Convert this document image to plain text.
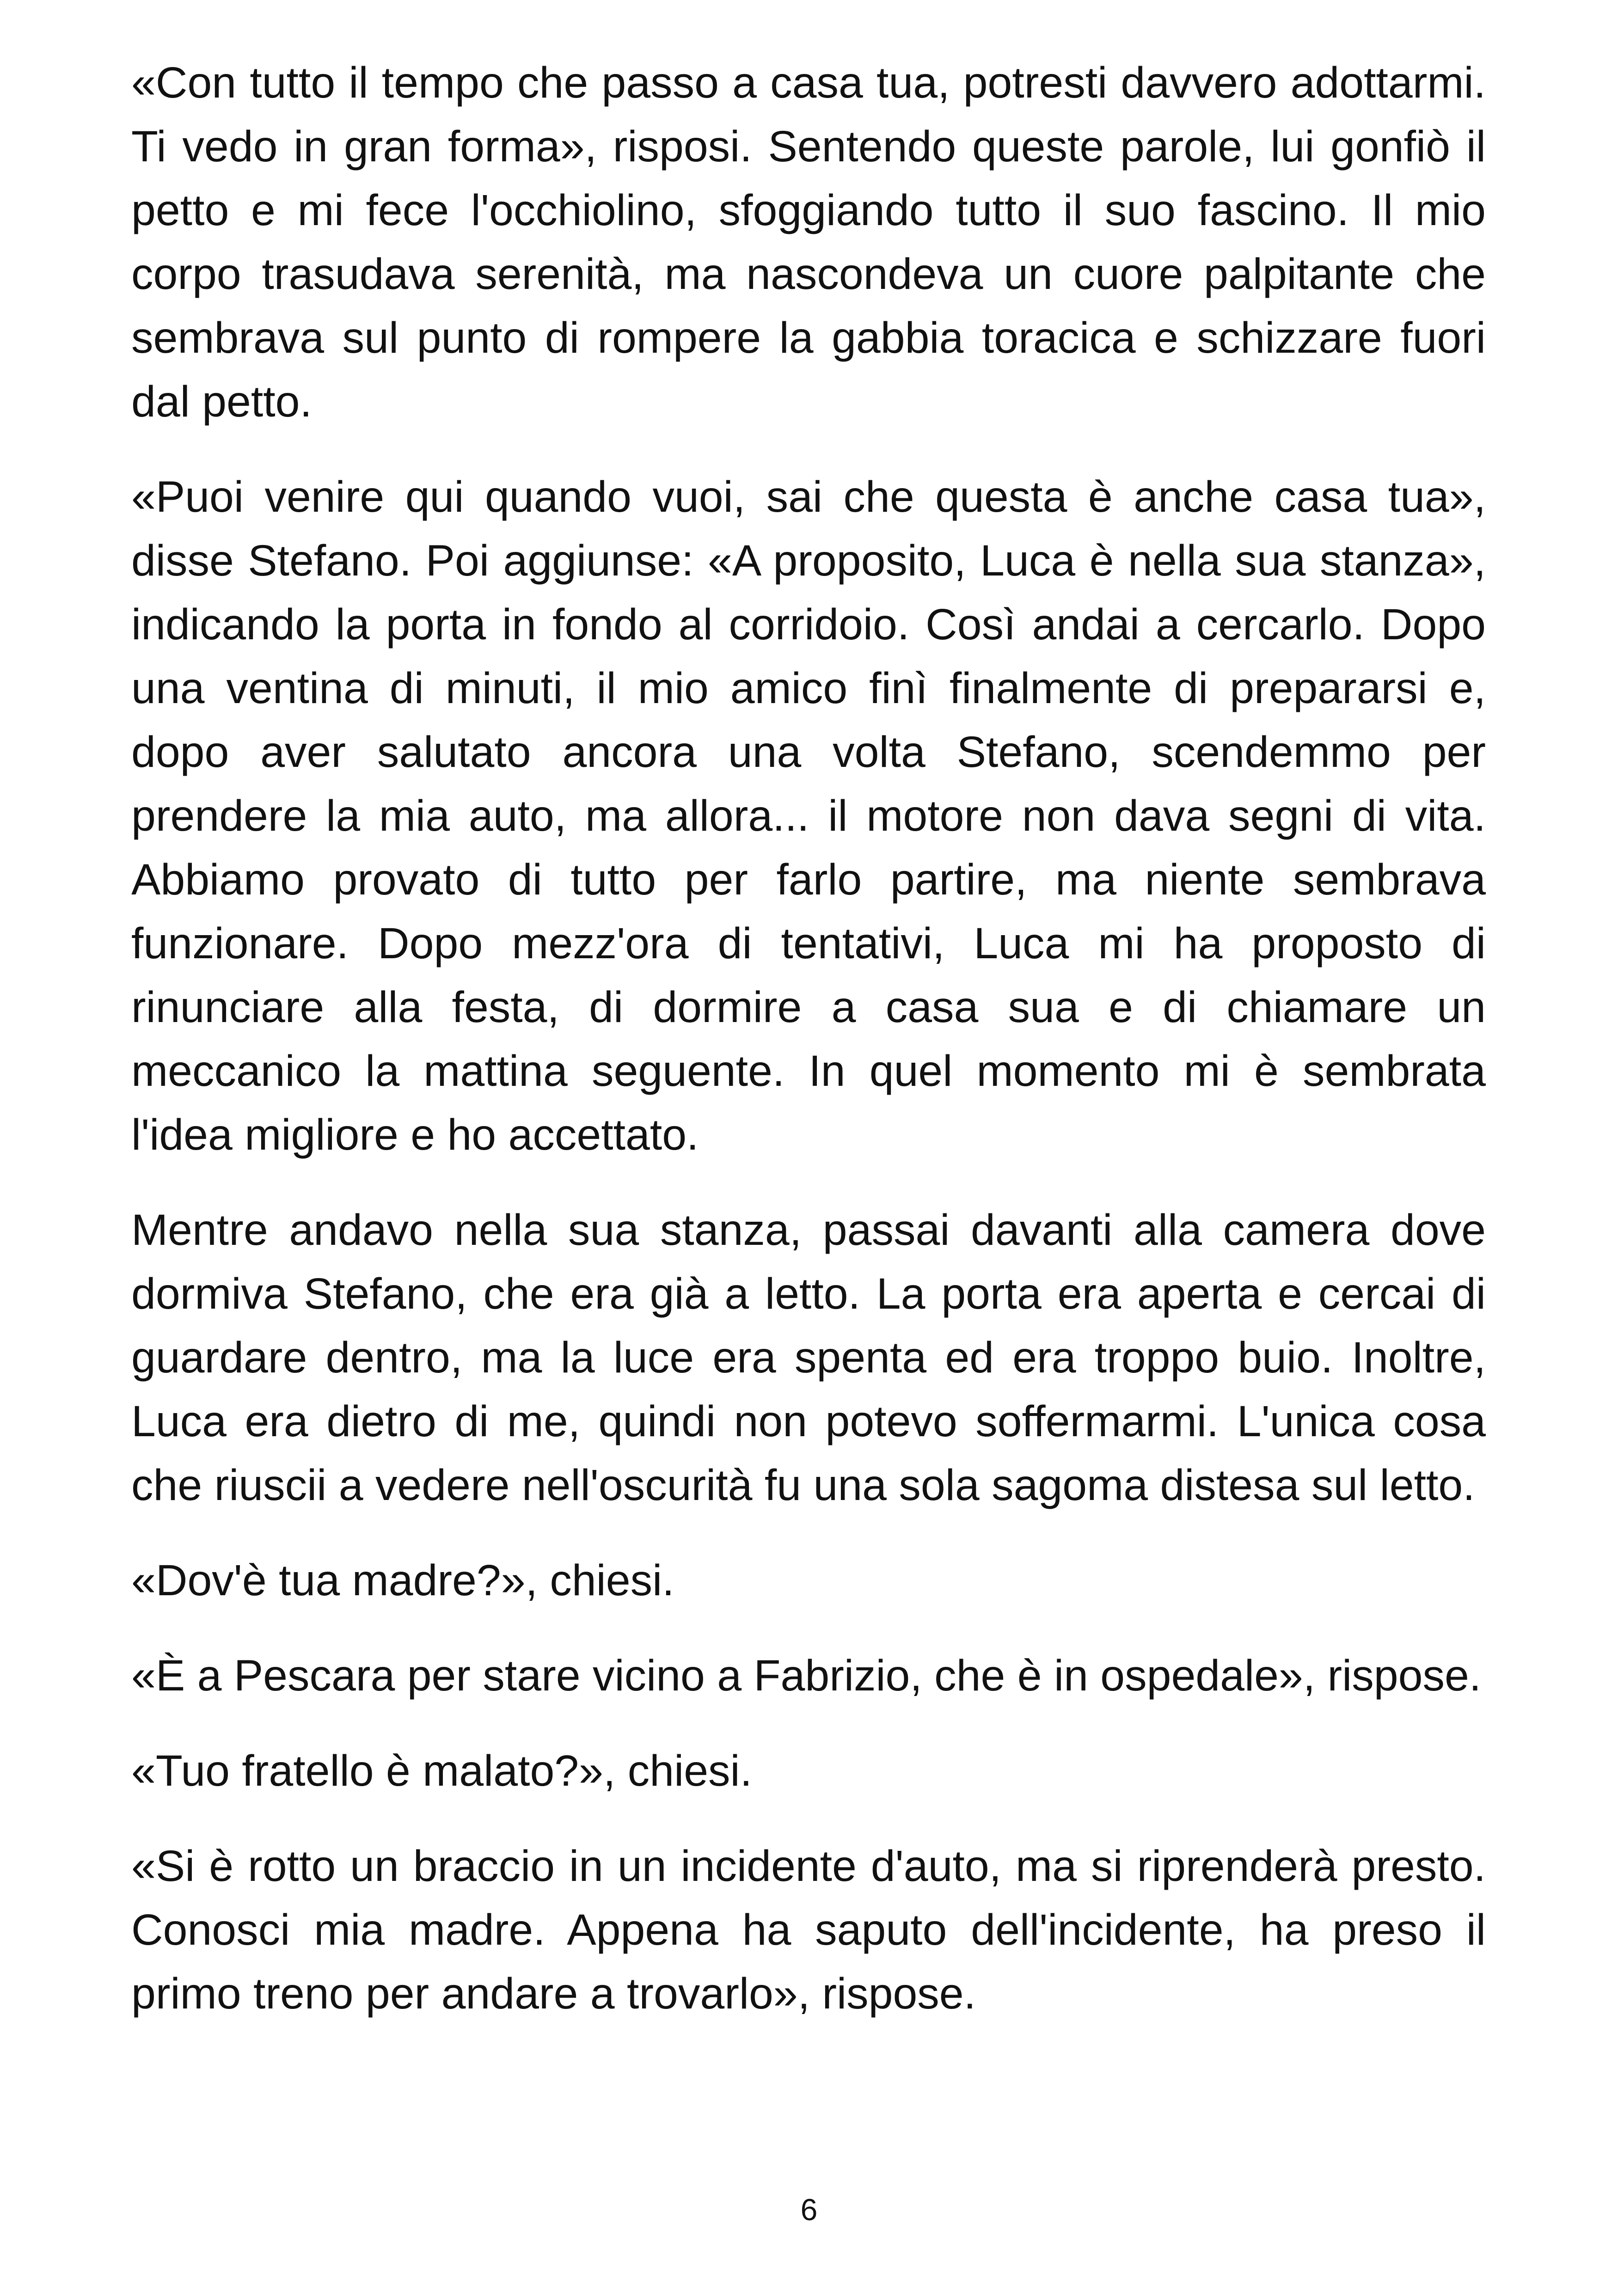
«Con tutto il tempo che passo a casa tua, potresti davvero adottarmi. Ti vedo in gran forma», risposi. Sentendo queste parole, lui gonfiò il petto e mi fece l'occhiolino, sfoggiando tutto il suo fascino. Il mio corpo trasudava serenità, ma nascondeva un cuore palpitante che sembrava sul punto di rompere la gabbia toracica e schizzare fuori dal petto.

«Puoi venire qui quando vuoi, sai che questa è anche casa tua», disse Stefano. Poi aggiunse: «A proposito, Luca è nella sua stanza», indicando la porta in fondo al corridoio. Così andai a cercarlo. Dopo una ventina di minuti, il mio amico finì finalmente di prepararsi e, dopo aver salutato ancora una volta Stefano, scendemmo per prendere la mia auto, ma allora... il motore non dava segni di vita. Abbiamo provato di tutto per farlo partire, ma niente sembrava funzionare. Dopo mezz'ora di tentativi, Luca mi ha proposto di rinunciare alla festa, di dormire a casa sua e di chiamare un meccanico la mattina seguente. In quel momento mi è sembrata l'idea migliore e ho accettato.

Mentre andavo nella sua stanza, passai davanti alla camera dove dormiva Stefano, che era già a letto. La porta era aperta e cercai di guardare dentro, ma la luce era spenta ed era troppo buio. Inoltre, Luca era dietro di me, quindi non potevo soffermarmi. L'unica cosa che riuscii a vedere nell'oscurità fu una sola sagoma distesa sul letto.

«Dov'è tua madre?», chiesi.

«È a Pescara per stare vicino a Fabrizio, che è in ospedale», rispose.

«Tuo fratello è malato?», chiesi.

«Si è rotto un braccio in un incidente d'auto, ma si riprenderà presto. Conosci mia madre. Appena ha saputo dell'incidente, ha preso il primo treno per andare a trovarlo», rispose.

6
